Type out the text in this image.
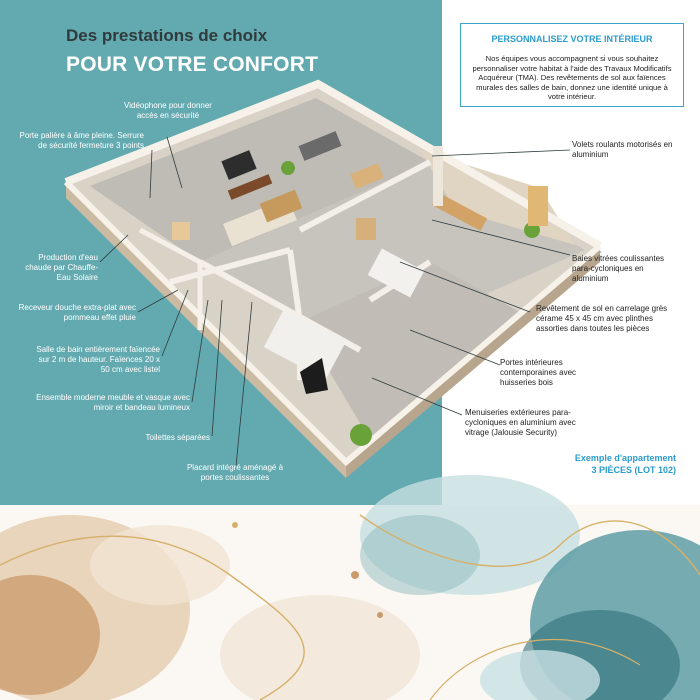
Des prestations de choix
POUR VOTRE CONFORT
PERSONNALISEZ VOTRE INTÉRIEUR
Nos équipes vous accompagnent si vous souhaitez personnaliser votre habitat à l'aide des Travaux Modificatifs Acquéreur (TMA). Des revêtements de sol aux faïences murales des salles de bain, donnez une identité unique à votre intérieur.
Vidéophone pour donner accès en sécurité
Porte palière à âme pleine. Serrure de sécurité fermeture 3 points
Production d'eau chaude par Chauffe-Eau Solaire
Receveur douche extra-plat avec pommeau effet pluie
Salle de bain entièrement faïencée sur 2 m de hauteur. Faïences 20 x 50 cm avec listel
Ensemble moderne meuble et vasque avec miroir et bandeau lumineux
Toilettes séparées
Placard intégré aménagé à portes coulissantes
Volets roulants motorisés en aluminium
Baies vitrées coulissantes para-cycloniques en aluminium
Revêtement de sol en carrelage grès cérame 45 x 45 cm avec plinthes assorties dans toutes les pièces
Portes intérieures contemporaines avec huisseries bois
Menuiseries extérieures para-cycloniques en aluminium avec vitrage (Jalousie Security)
Exemple d'appartement
3 PIÈCES (LOT 102)
